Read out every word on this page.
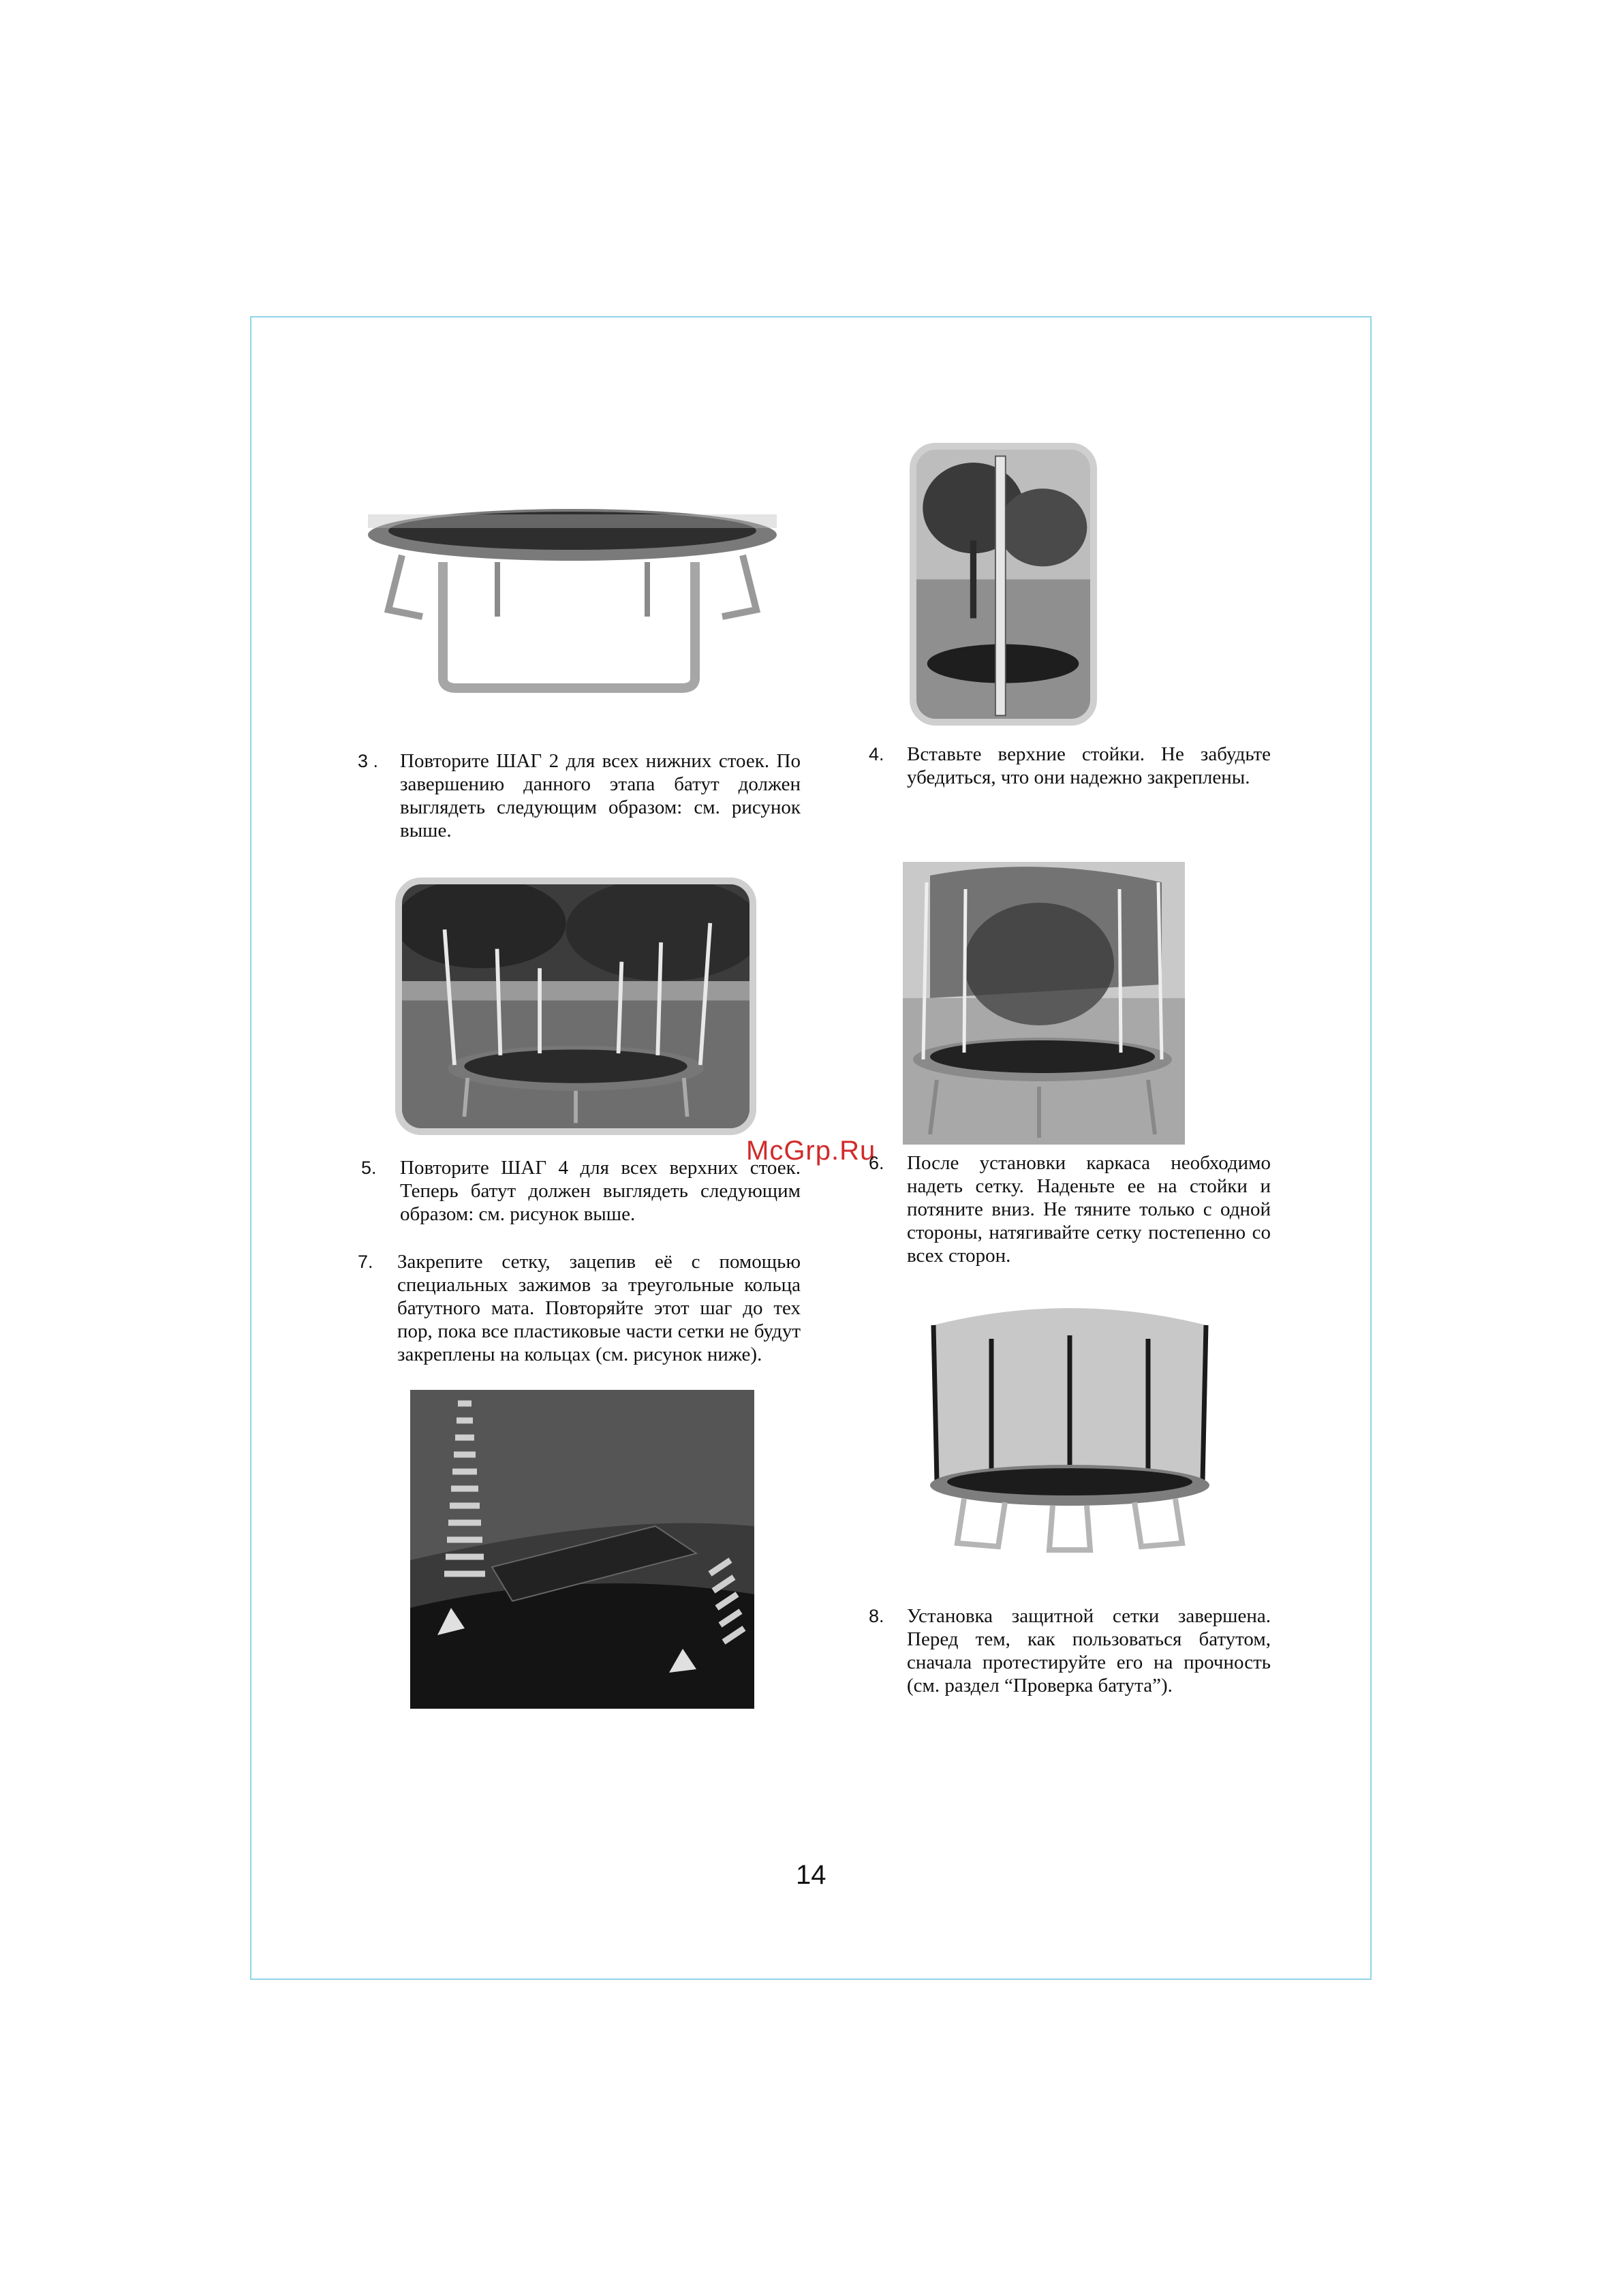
3 . Повторите ШАГ 2 для всех нижних стоек. По завершению данного этапа батут должен выглядеть следующим образом: см. рисунок выше.
4. Вставьте верхние стойки. Не забудьте убедиться, что они надежно закреплены.
McGrp.Ru
5. Повторите ШАГ 4 для всех верхних стоек. Теперь батут должен выглядеть следующим образом: см. рисунок выше.
6. После установки каркаса необходимо надеть сетку. Наденьте ее на стойки и потяните вниз. Не тяните только с одной стороны, натягивайте сетку постепенно со всех сторон.
7. Закрепите сетку, зацепив её с помощью специальных зажимов за треугольные кольца батутного мата. Повторяйте этот шаг до тех пор, пока все пластиковые части сетки не будут закреплены на кольцах (см. рисунок ниже).
8. Установка защитной сетки завершена. Перед тем, как пользоваться батутом, сначала протестируйте его на прочность (см. раздел “Проверка батута”).
14
